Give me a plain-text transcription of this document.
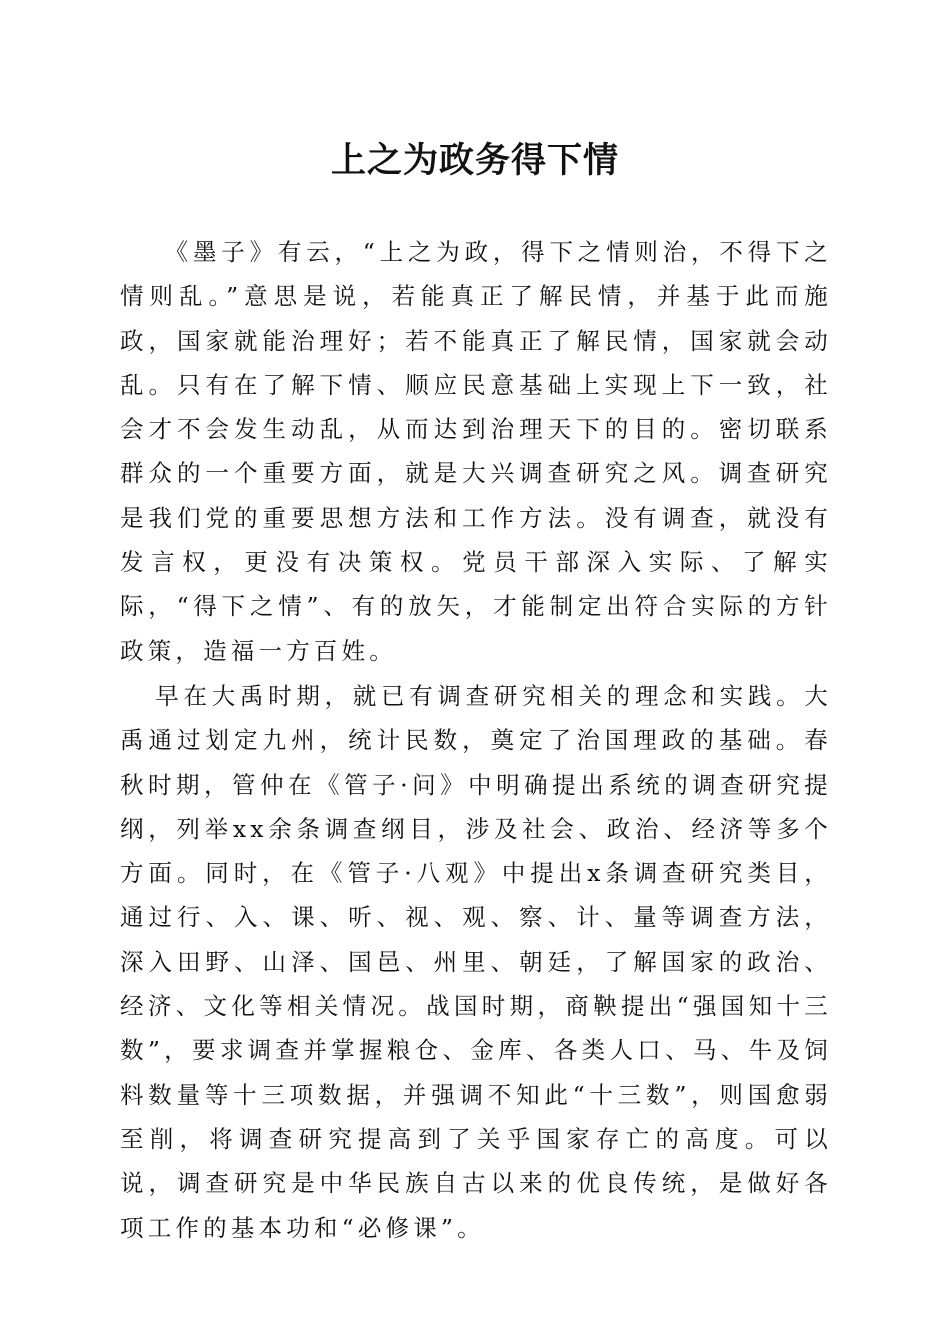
上之为政务得下情

《墨子》有云，“上之为政，得下之情则治，不得下之情则乱。”意思是说，若能真正了解民情，并基于此而施政，国家就能治理好；若不能真正了解民情，国家就会动乱。只有在了解下情、顺应民意基础上实现上下一致，社会才不会发生动乱，从而达到治理天下的目的。密切联系群众的一个重要方面，就是大兴调查研究之风。调查研究是我们党的重要思想方法和工作方法。没有调查，就没有发言权，更没有决策权。党员干部深入实际、了解实际，“得下之情”、有的放矢，才能制定出符合实际的方针政策，造福一方百姓。

早在大禹时期，就已有调查研究相关的理念和实践。大禹通过划定九州，统计民数，奠定了治国理政的基础。春秋时期，管仲在《管子·问》中明确提出系统的调查研究提纲，列举xx余条调查纲目，涉及社会、政治、经济等多个方面。同时，在《管子·八观》中提出x条调查研究类目，通过行、入、课、听、视、观、察、计、量等调查方法，深入田野、山泽、国邑、州里、朝廷，了解国家的政治、经济、文化等相关情况。战国时期，商鞅提出“强国知十三数”，要求调查并掌握粮仓、金库、各类人口、马、牛及饲料数量等十三项数据，并强调不知此“十三数”，则国愈弱至削，将调查研究提高到了关乎国家存亡的高度。可以说，调查研究是中华民族自古以来的优良传统，是做好各项工作的基本功和“必修课”。
